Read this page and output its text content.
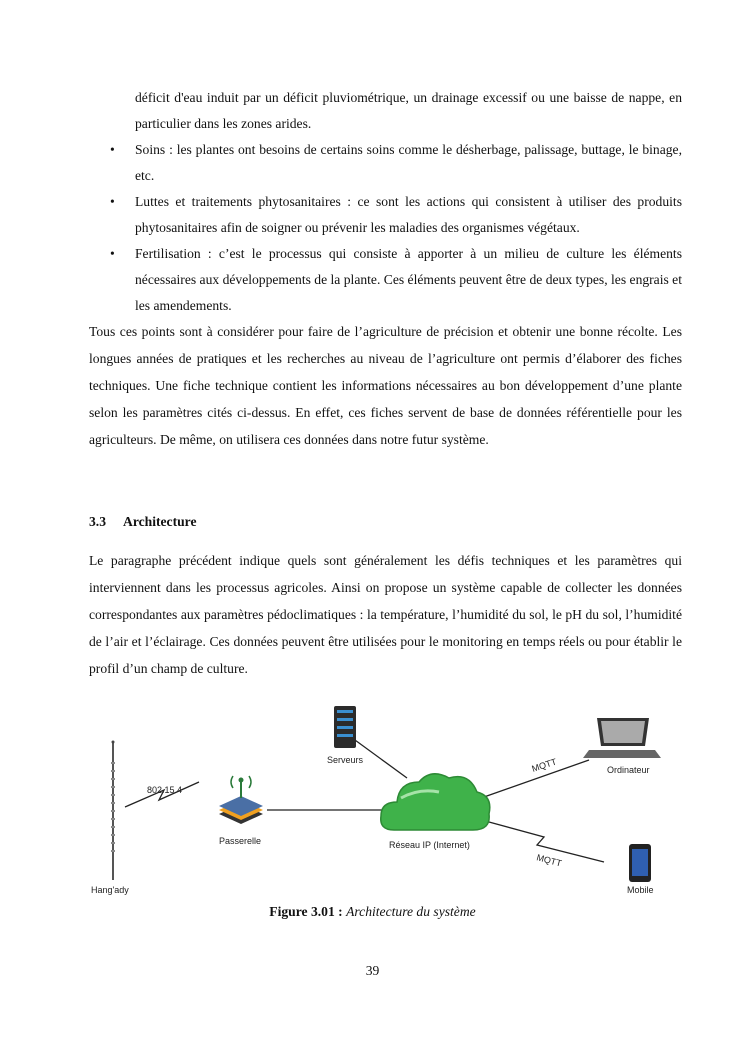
déficit d'eau induit par un déficit pluviométrique, un drainage excessif ou une baisse de nappe, en particulier dans les zones arides.

• Soins : les plantes ont besoins de certains soins comme le désherbage, palissage, buttage, le binage, etc.
• Luttes et traitements phytosanitaires : ce sont les actions qui consistent à utiliser des produits phytosanitaires afin de soigner ou prévenir les maladies des organismes végétaux.
• Fertilisation : c’est le processus qui consiste à apporter à un milieu de culture les éléments nécessaires aux développements de la plante. Ces éléments peuvent être de deux types, les engrais et les amendements.

Tous ces points sont à considérer pour faire de l’agriculture de précision et obtenir une bonne récolte. Les longues années de pratiques et les recherches au niveau de l’agriculture ont permis d’élaborer des fiches techniques. Une fiche technique contient les informations nécessaires au bon développement d’une plante selon les paramètres cités ci-dessus. En effet, ces fiches servent de base de données référentielle pour les agriculteurs. De même, on utilisera ces données dans notre futur système.

3.3 Architecture

Le paragraphe précédent indique quels sont généralement les défis techniques et les paramètres qui interviennent dans les processus agricoles. Ainsi on propose un système capable de collecter les données correspondantes aux paramètres pédoclimatiques : la température, l’humidité du sol, le pH du sol, l’humidité de l’air et l’éclairage. Ces données peuvent être utilisées pour le monitoring en temps réels ou pour établir le profil d’un champ de culture.

Hang'ady
802.15.4
Passerelle
Serveurs
Réseau IP (Internet)
Ordinateur
MQTT
Mobile
MQTT
Figure 3.01 : Architecture du système
39
